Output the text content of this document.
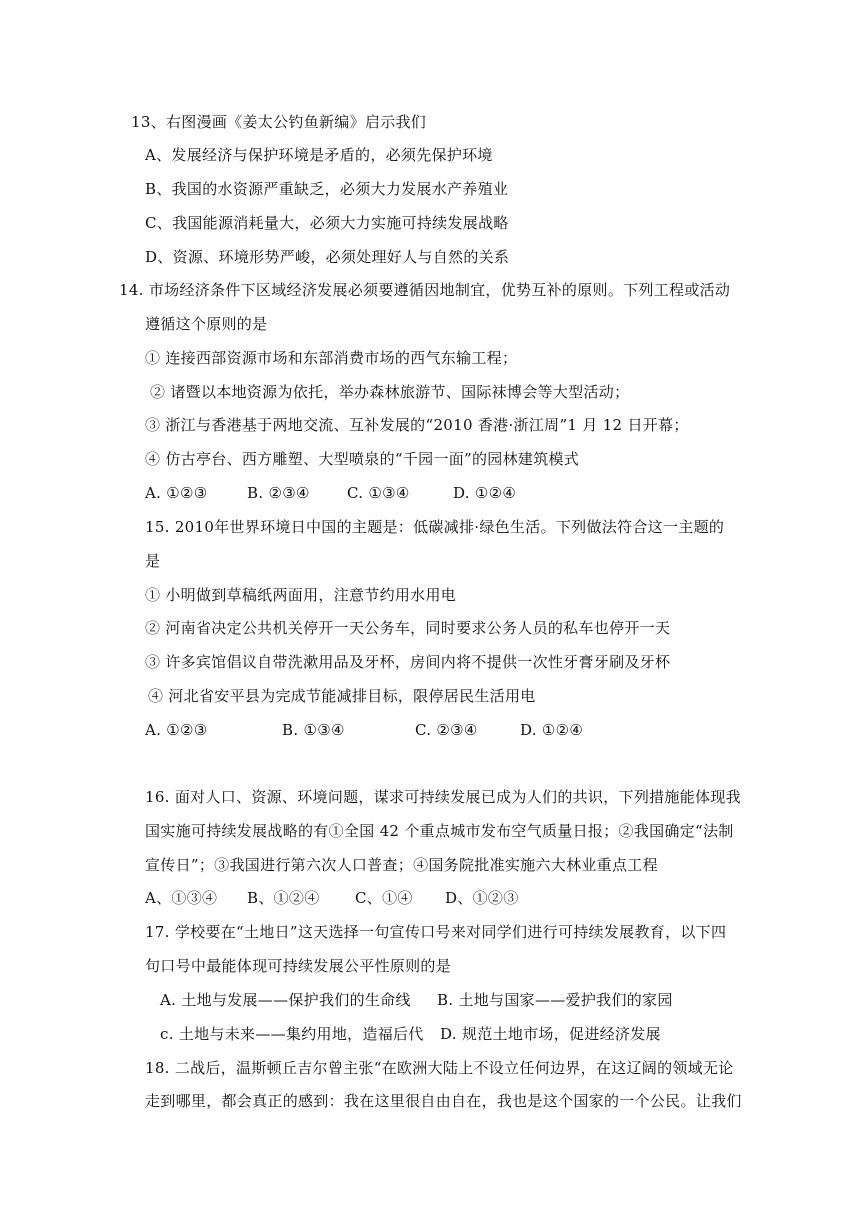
13、右图漫画《姜太公钓鱼新编》启示我们
A、发展经济与保护环境是矛盾的，必须先保护环境
B、我国的水资源严重缺乏，必须大力发展水产养殖业
C、我国能源消耗量大，必须大力实施可持续发展战略
D、资源、环境形势严峻，必须处理好人与自然的关系
14. 市场经济条件下区域经济发展必须要遵循因地制宜，优势互补的原则。下列工程或活动
遵循这个原则的是
① 连接西部资源市场和东部消费市场的西气东输工程；
② 诸暨以本地资源为依托，举办森林旅游节、国际袜博会等大型活动；
③ 浙江与香港基于两地交流、互补发展的“2010 香港·浙江周”1 月 12 日开幕；
④ 仿古亭台、西方雕塑、大型喷泉的“千园一面”的园林建筑模式
A. ①②③	B. ②③④ C. ①③④	D. ①②④
15. 2010年世界环境日中国的主题是：低碳减排·绿色生活。下列做法符合这一主题的
是
① 小明做到草稿纸两面用，注意节约用水用电
② 河南省决定公共机关停开一天公务车，同时要求公务人员的私车也停开一天
③ 许多宾馆倡议自带洗漱用品及牙杯，房间内将不提供一次性牙膏牙刷及牙杯
④ 河北省安平县为完成节能减排目标，限停居民生活用电
A. ①②③	B. ①③④	C. ②③④	D. ①②④
16. 面对人口、资源、环境问题，谋求可持续发展已成为人们的共识，下列措施能体现我
国实施可持续发展战略的有①全国 42 个重点城市发布空气质量日报；②我国确定“法制
宣传日”；③我国进行第六次人口普查；④国务院批准实施六大林业重点工程
A、①③④ B、①②④ C、①④ D、①②③
17. 学校要在“土地日”这天选择一句宣传口号来对同学们进行可持续发展教育，以下四
句口号中最能体现可持续发展公平性原则的是
A. 土地与发展——保护我们的生命线 B. 土地与国家——爱护我们的家园
c. 土地与未来——集约用地，造福后代 D. 规范土地市场，促进经济发展
18. 二战后，温斯顿丘吉尔曾主张“在欧洲大陆上不设立任何边界，在这辽阔的领域无论
走到哪里，都会真正的感到：我在这里很自由自在，我也是这个国家的一个公民。让我们
